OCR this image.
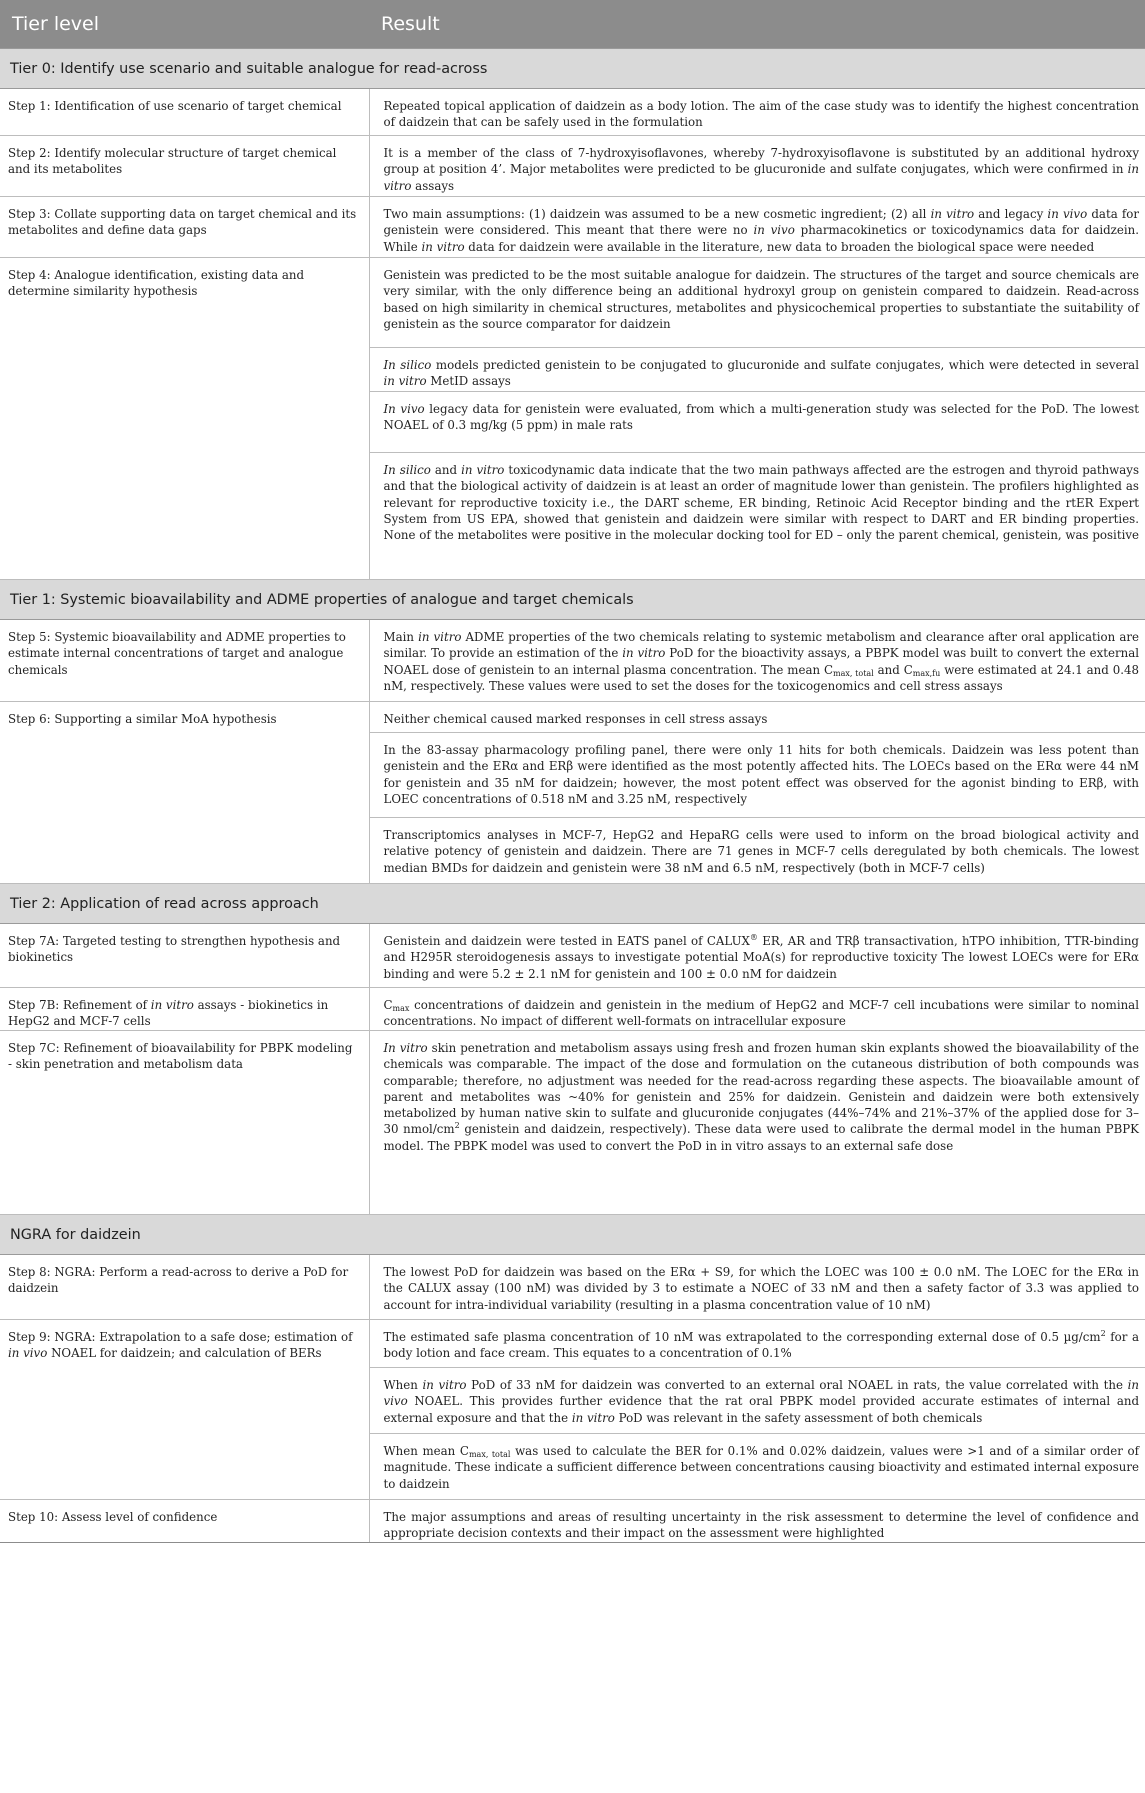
Tier level	Result
Tier 0: Identify use scenario and suitable analogue for read-across	
Step 1: Identification of use scenario of target chemical	Repeated topical application of daidzein as a body lotion. The aim of the case study was to identify the highest concentration of daidzein that can be safely used in the formulation
Step 2: Identify molecular structure of target chemical and its metabolites	It is a member of the class of 7-hydroxyisoflavones, whereby 7-hydroxyisoflavone is substituted by an additional hydroxy group at position 4’. Major metabolites were predicted to be glucuronide and sulfate conjugates, which were confirmed in in vitro assays
Step 3: Collate supporting data on target chemical and its metabolites and define data gaps	Two main assumptions: (1) daidzein was assumed to be a new cosmetic ingredient; (2) all in vitro and legacy in vivo data for genistein were considered. This meant that there were no in vivo pharmacokinetics or toxicodynamics data for daidzein. While in vitro data for daidzein were available in the literature, new data to broaden the biological space were needed
Step 4: Analogue identification, existing data and determine similarity hypothesis	Genistein was predicted to be the most suitable analogue for daidzein. The structures of the target and source chemicals are very similar, with the only difference being an additional hydroxyl group on genistein compared to daidzein. Read-across based on high similarity in chemical structures, metabolites and physicochemical properties to substantiate the suitability of genistein as the source comparator for daidzein
	In silico models predicted genistein to be conjugated to glucuronide and sulfate conjugates, which were detected in several in vitro MetID assays
	In vivo legacy data for genistein were evaluated, from which a multi-generation study was selected for the PoD. The lowest NOAEL of 0.3 mg/kg (5 ppm) in male rats
	In silico and in vitro toxicodynamic data indicate that the two main pathways affected are the estrogen and thyroid pathways and that the biological activity of daidzein is at least an order of magnitude lower than genistein. The profilers highlighted as relevant for reproductive toxicity i.e., the DART scheme, ER binding, Retinoic Acid Receptor binding and the rtER Expert System from US EPA, showed that genistein and daidzein were similar with respect to DART and ER binding properties. None of the metabolites were positive in the molecular docking tool for ED – only the parent chemical, genistein, was positive
Tier 1: Systemic bioavailability and ADME properties of analogue and target chemicals	
Step 5: Systemic bioavailability and ADME properties to estimate internal concentrations of target and analogue chemicals	Main in vitro ADME properties of the two chemicals relating to systemic metabolism and clearance after oral application are similar. To provide an estimation of the in vitro PoD for the bioactivity assays, a PBPK model was built to convert the external NOAEL dose of genistein to an internal plasma concentration. The mean $C_{max, total}$ and $C_{max,fu}$ were estimated at 24.1 and 0.48 nM, respectively. These values were used to set the doses for the toxicogenomics and cell stress assays
Step 6: Supporting a similar MoA hypothesis	Neither chemical caused marked responses in cell stress assays
	In the 83-assay pharmacology profiling panel, there were only 11 hits for both chemicals. Daidzein was less potent than genistein and the ERα and ERβ were identified as the most potently affected hits. The LOECs based on the ERα were 44 nM for genistein and 35 nM for daidzein; however, the most potent effect was observed for the agonist binding to ERβ, with LOEC concentrations of 0.518 nM and 3.25 nM, respectively
	Transcriptomics analyses in MCF-7, HepG2 and HepaRG cells were used to inform on the broad biological activity and relative potency of genistein and daidzein. There are 71 genes in MCF-7 cells deregulated by both chemicals. The lowest median BMDs for daidzein and genistein were 38 nM and 6.5 nM, respectively (both in MCF-7 cells)
Tier 2: Application of read across approach	
Step 7A: Targeted testing to strengthen hypothesis and biokinetics	Genistein and daidzein were tested in EATS panel of CALUX® ER, AR and TRβ transactivation, hTPO inhibition, TTR-binding and H295R steroidogenesis assays to investigate potential MoA(s) for reproductive toxicity The lowest LOECs were for ERα binding and were 5.2 ± 2.1 nM for genistein and 100 ± 0.0 nM for daidzein
Step 7B: Refinement of in vitro assays - biokinetics in HepG2 and MCF-7 cells	$C_{max}$ concentrations of daidzein and genistein in the medium of HepG2 and MCF-7 cell incubations were similar to nominal concentrations. No impact of different well-formats on intracellular exposure
Step 7C: Refinement of bioavailability for PBPK modeling - skin penetration and metabolism data	In vitro skin penetration and metabolism assays using fresh and frozen human skin explants showed the bioavailability of the chemicals was comparable. The impact of the dose and formulation on the cutaneous distribution of both compounds was comparable; therefore, no adjustment was needed for the read-across regarding these aspects. The bioavailable amount of parent and metabolites was ~40% for genistein and 25% for daidzein. Genistein and daidzein were both extensively metabolized by human native skin to sulfate and glucuronide conjugates (44%–74% and 21%–37% of the applied dose for 3–30 nmol/$cm^2$ genistein and daidzein, respectively). These data were used to calibrate the dermal model in the human PBPK model. The PBPK model was used to convert the PoD in in vitro assays to an external safe dose
NGRA for daidzein	
Step 8: NGRA: Perform a read-across to derive a PoD for daidzein	The lowest PoD for daidzein was based on the ERα + S9, for which the LOEC was 100 ± 0.0 nM. The LOEC for the ERα in the CALUX assay (100 nM) was divided by 3 to estimate a NOEC of 33 nM and then a safety factor of 3.3 was applied to account for intra-individual variability (resulting in a plasma concentration value of 10 nM)
Step 9: NGRA: Extrapolation to a safe dose; estimation of in vivo NOAEL for daidzein; and calculation of BERs	The estimated safe plasma concentration of 10 nM was extrapolated to the corresponding external dose of 0.5 $\mu g/cm^2$ for a body lotion and face cream. This equates to a concentration of 0.1%
	When in vitro PoD of 33 nM for daidzein was converted to an external oral NOAEL in rats, the value correlated with the in vivo NOAEL. This provides further evidence that the rat oral PBPK model provided accurate estimates of internal and external exposure and that the in vitro PoD was relevant in the safety assessment of both chemicals
	When mean $C_{max, total}$ was used to calculate the BER for 0.1% and 0.02% daidzein, values were >1 and of a similar order of magnitude. These indicate a sufficient difference between concentrations causing bioactivity and estimated internal exposure to daidzein
Step 10: Assess level of confidence	The major assumptions and areas of resulting uncertainty in the risk assessment to determine the level of confidence and appropriate decision contexts and their impact on the assessment were highlighted
